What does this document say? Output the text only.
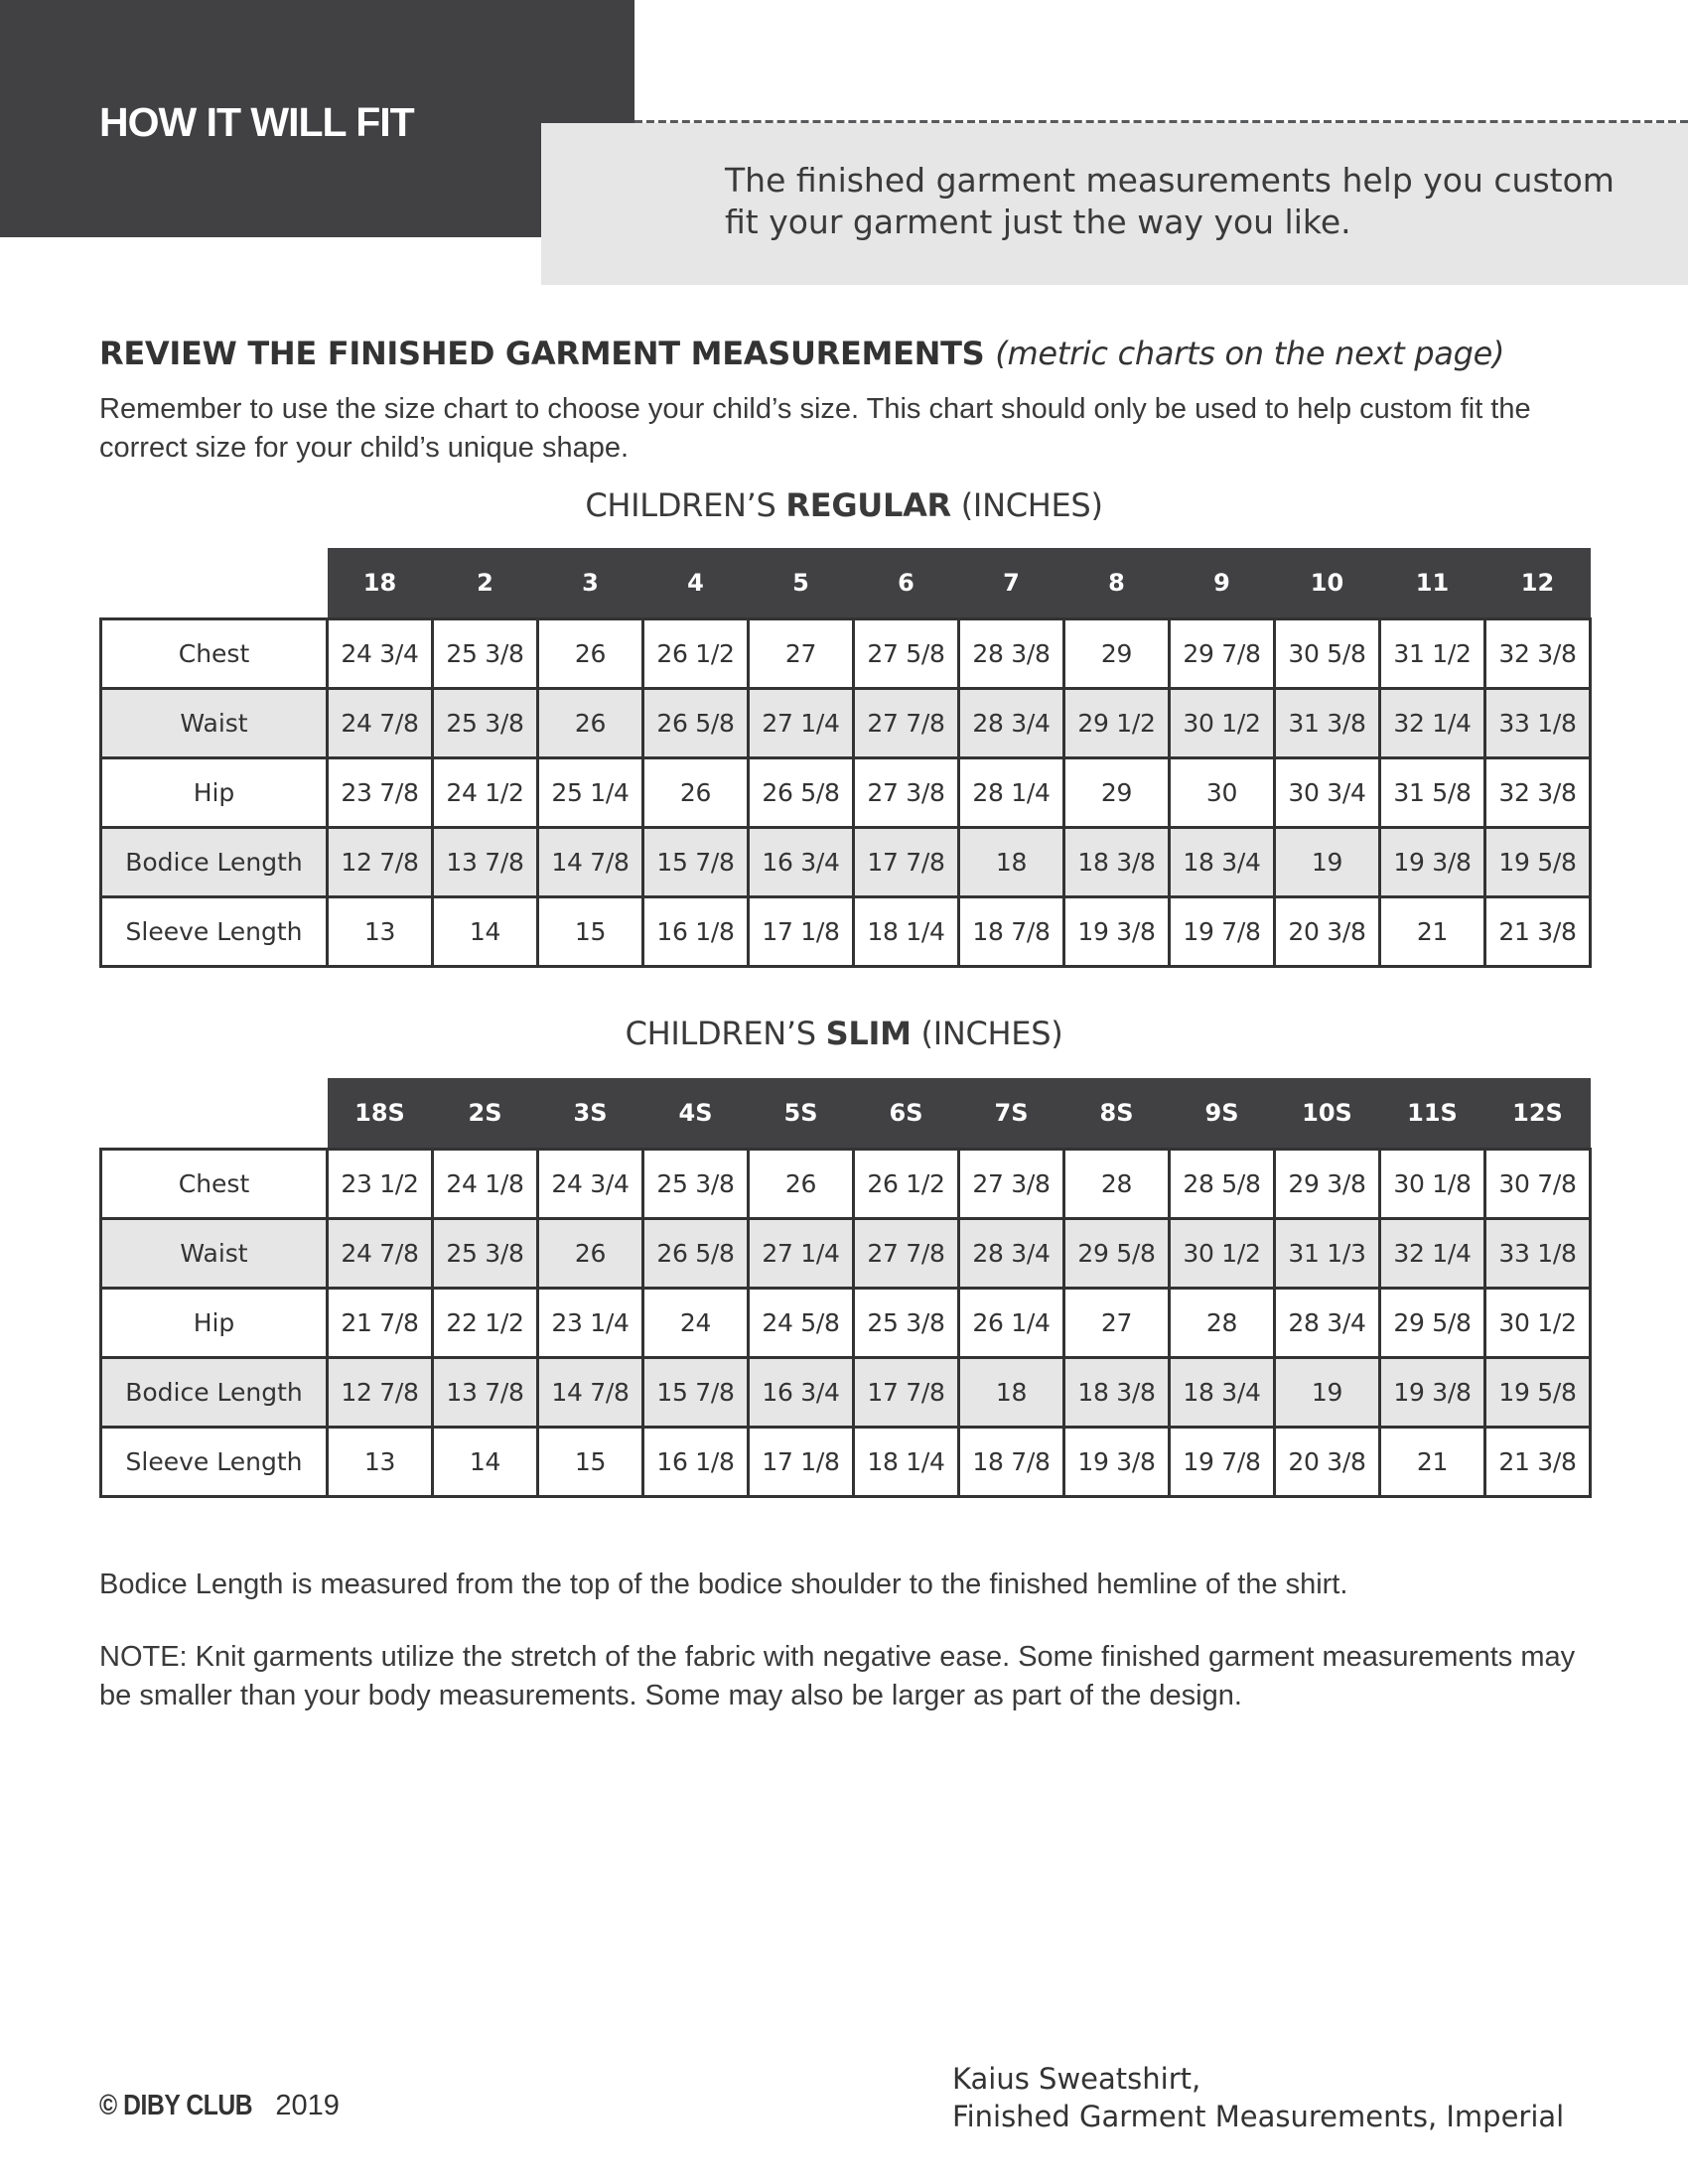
HOW IT WILL FIT

The finished garment measurements help you custom fit your garment just the way you like.

REVIEW THE FINISHED GARMENT MEASUREMENTS (metric charts on the next page)

Remember to use the size chart to choose your child’s size. This chart should only be used to help custom fit the correct size for your child’s unique shape.

CHILDREN’S REGULAR (INCHES)
	18	2	3	4	5	6	7	8	9	10	11	12
Chest	24 3/4	25 3/8	26	26 1/2	27	27 5/8	28 3/8	29	29 7/8	30 5/8	31 1/2	32 3/8
Waist	24 7/8	25 3/8	26	26 5/8	27 1/4	27 7/8	28 3/4	29 1/2	30 1/2	31 3/8	32 1/4	33 1/8
Hip	23 7/8	24 1/2	25 1/4	26	26 5/8	27 3/8	28 1/4	29	30	30 3/4	31 5/8	32 3/8
Bodice Length	12 7/8	13 7/8	14 7/8	15 7/8	16 3/4	17 7/8	18	18 3/8	18 3/4	19	19 3/8	19 5/8
Sleeve Length	13	14	15	16 1/8	17 1/8	18 1/4	18 7/8	19 3/8	19 7/8	20 3/8	21	21 3/8
CHILDREN’S SLIM (INCHES)
	18S	2S	3S	4S	5S	6S	7S	8S	9S	10S	11S	12S
Chest	23 1/2	24 1/8	24 3/4	25 3/8	26	26 1/2	27 3/8	28	28 5/8	29 3/8	30 1/8	30 7/8
Waist	24 7/8	25 3/8	26	26 5/8	27 1/4	27 7/8	28 3/4	29 5/8	30 1/2	31 1/3	32 1/4	33 1/8
Hip	21 7/8	22 1/2	23 1/4	24	24 5/8	25 3/8	26 1/4	27	28	28 3/4	29 5/8	30 1/2
Bodice Length	12 7/8	13 7/8	14 7/8	15 7/8	16 3/4	17 7/8	18	18 3/8	18 3/4	19	19 3/8	19 5/8
Sleeve Length	13	14	15	16 1/8	17 1/8	18 1/4	18 7/8	19 3/8	19 7/8	20 3/8	21	21 3/8

Bodice Length is measured from the top of the bodice shoulder to the finished hemline of the shirt.

NOTE: Knit garments utilize the stretch of the fabric with negative ease. Some finished garment measurements may be smaller than your body measurements. Some may also be larger as part of the design.

© DIBY CLUB 2019

Kaius Sweatshirt,
Finished Garment Measurements, Imperial
